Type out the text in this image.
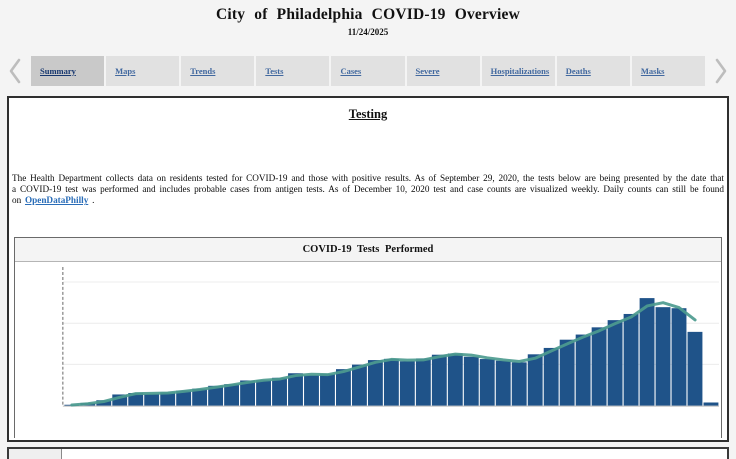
City of Philadelphia COVID-19 Overview
11/24/2025
Summary	Maps	Trends	Tests	Cases	Severe	Hospitalizations Deaths	Masks
Testing

The Health Department collects data on residents tested for COVID-19 and those with positive results. As of September 29, 2020, the tests below are being presented by the date that a COVID-19 test was performed and includes probable cases from antigen tests. As of December 10, 2020 test and case counts are visualized weekly. Daily counts can still be found on OpenDataPhilly .

COVID-19 Tests Performed
